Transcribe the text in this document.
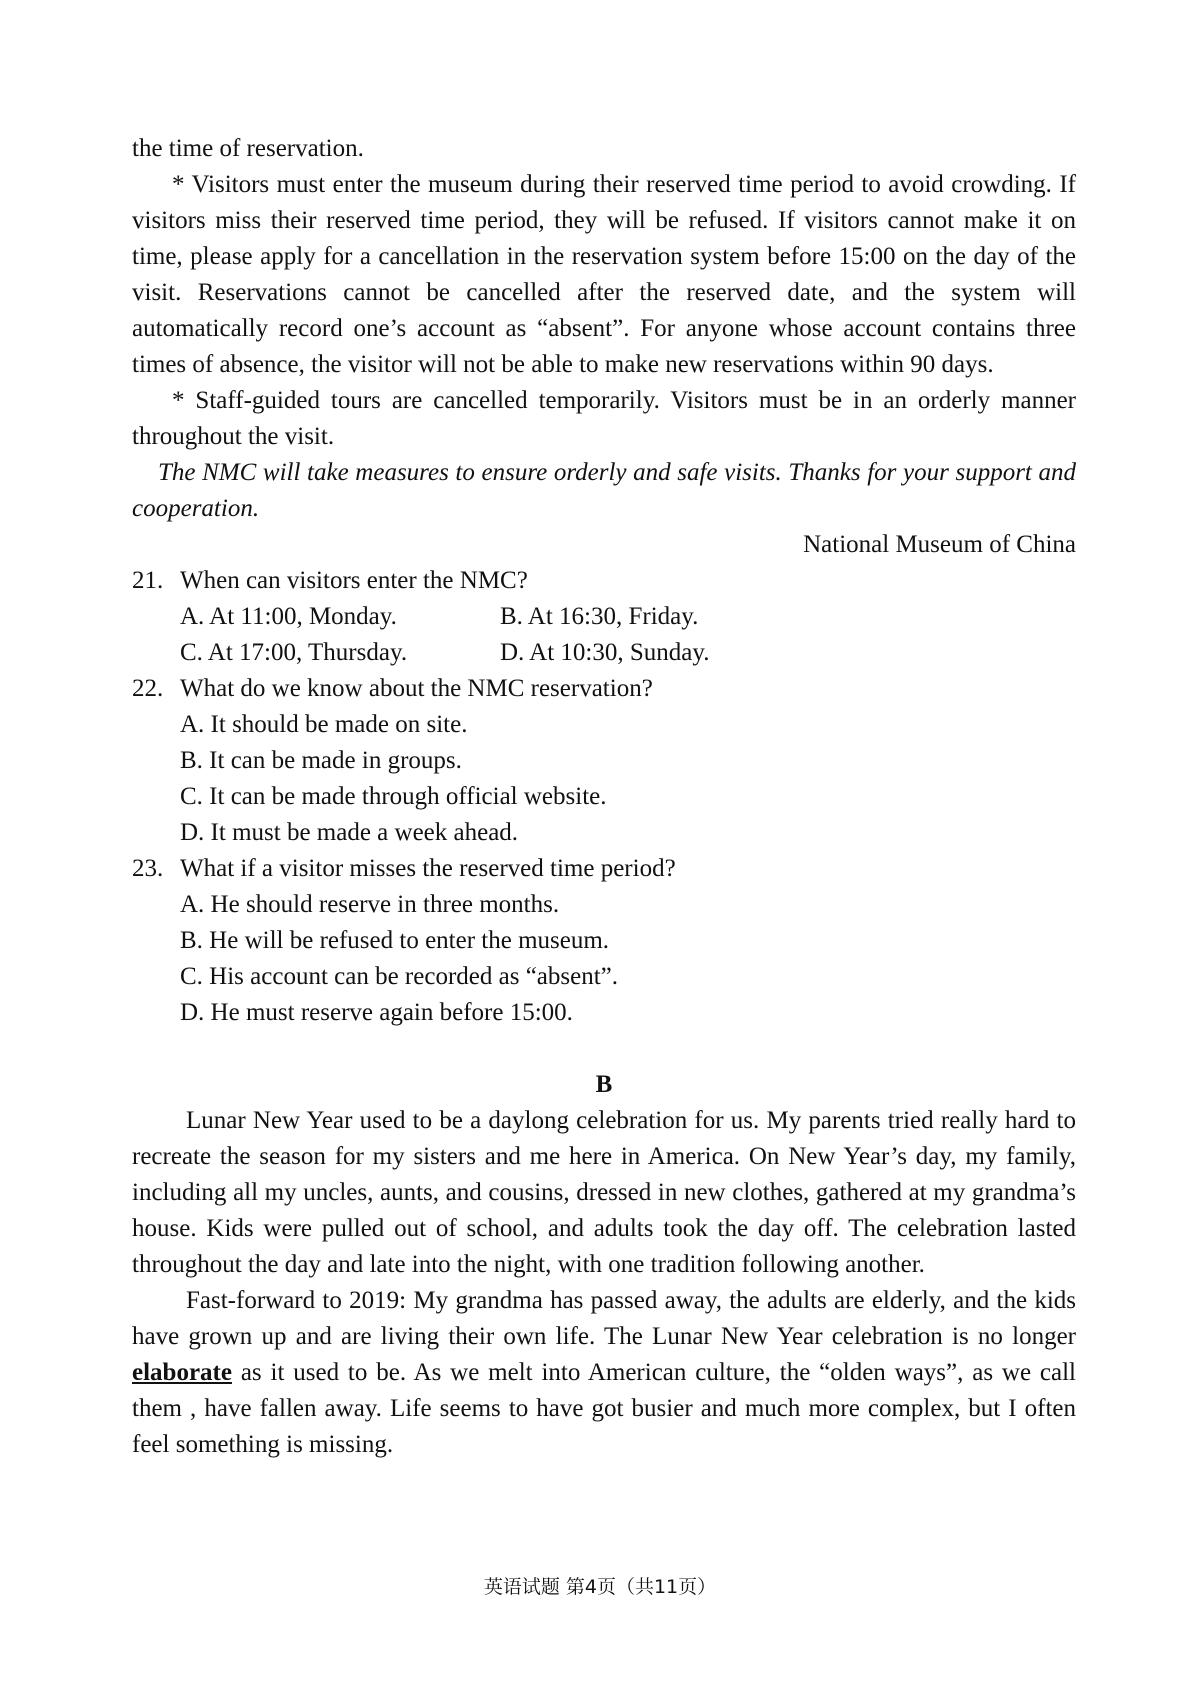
the time of reservation.

* Visitors must enter the museum during their reserved time period to avoid crowding. If visitors miss their reserved time period, they will be refused. If visitors cannot make it on time, please apply for a cancellation in the reservation system before 15:00 on the day of the visit. Reservations cannot be cancelled after the reserved date, and the system will automatically record one’s account as “absent”. For anyone whose account contains three times of absence, the visitor will not be able to make new reservations within 90 days.

* Staff-guided tours are cancelled temporarily. Visitors must be in an orderly manner throughout the visit.

The NMC will take measures to ensure orderly and safe visits. Thanks for your support and cooperation.

National Museum of China

21. When can visitors enter the NMC?
A. At 11:00, Monday.	B. At 16:30, Friday.
C. At 17:00, Thursday.	D. At 10:30, Sunday.
22. What do we know about the NMC reservation?
A. It should be made on site.
B. It can be made in groups.
C. It can be made through official website.
D. It must be made a week ahead.
23. What if a visitor misses the reserved time period?
A. He should reserve in three months.
B. He will be refused to enter the museum.
C. His account can be recorded as “absent”.
D. He must reserve again before 15:00.
B

Lunar New Year used to be a daylong celebration for us. My parents tried really hard to recreate the season for my sisters and me here in America. On New Year’s day, my family, including all my uncles, aunts, and cousins, dressed in new clothes, gathered at my grandma’s house. Kids were pulled out of school, and adults took the day off. The celebration lasted throughout the day and late into the night, with one tradition following another.

Fast-forward to 2019: My grandma has passed away, the adults are elderly, and the kids have grown up and are living their own life. The Lunar New Year celebration is no longer elaborate as it used to be. As we melt into American culture, the “olden ways”, as we call them , have fallen away. Life seems to have got busier and much more complex, but I often feel something is missing.

英语试题 第4页（共11页）
